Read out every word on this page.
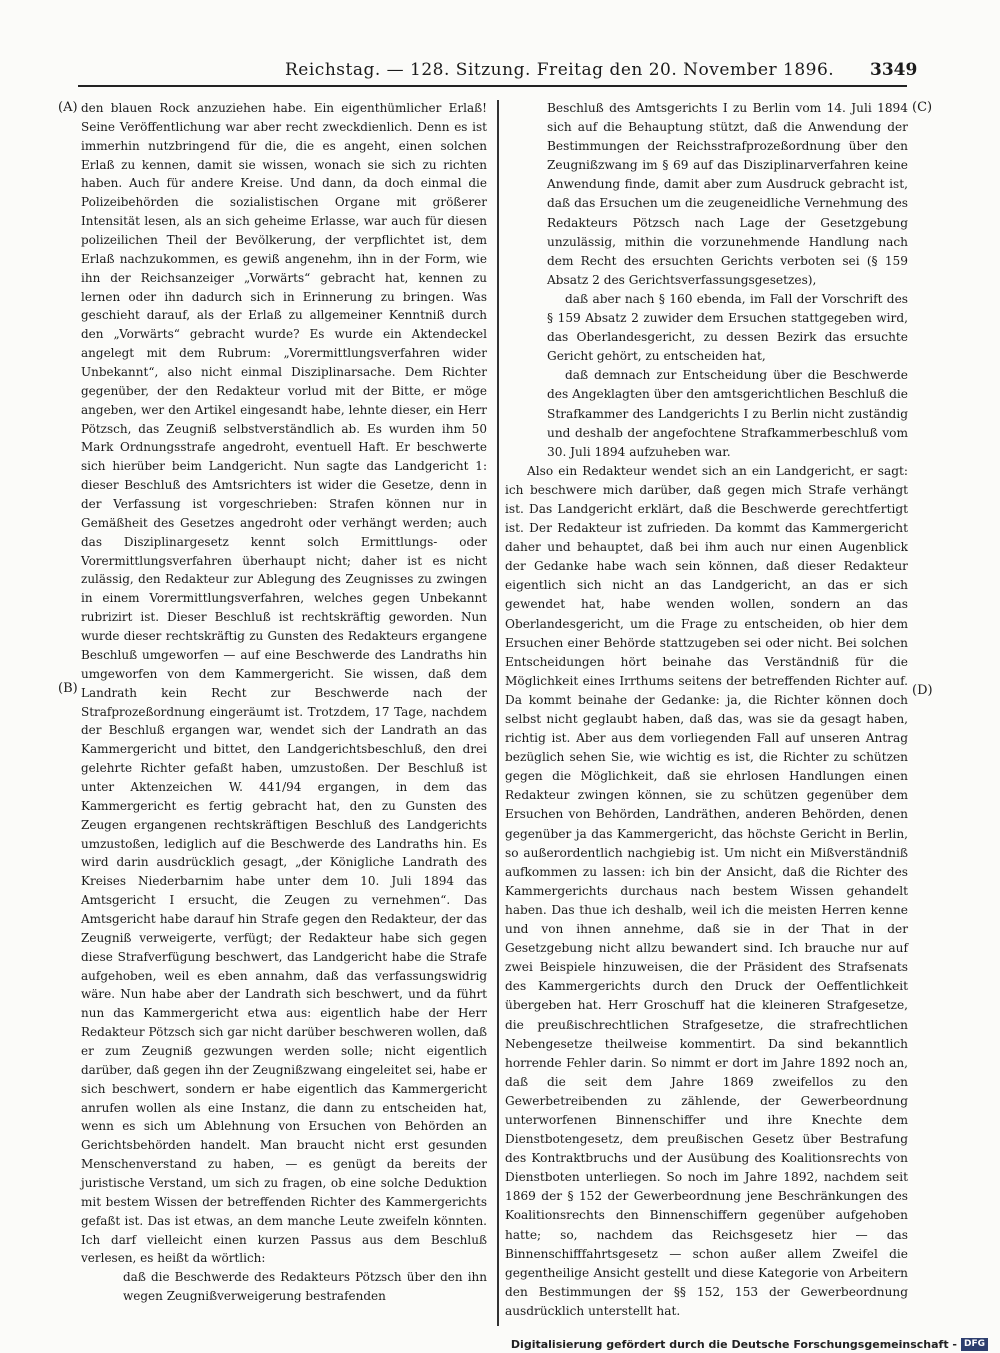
Reichstag. — 128. Sitzung. Freitag den 20. November 1896. 3349
(A)
(B)
(C)
(D)

den blauen Rock anzuziehen habe. Ein eigenthümlicher Erlaß! Seine Veröffentlichung war aber recht zweckdienlich. Denn es ist immerhin nutzbringend für die, die es angeht, einen solchen Erlaß zu kennen, damit sie wissen, wonach sie sich zu richten haben. Auch für andere Kreise. Und dann, da doch einmal die Polizeibehörden die sozialistischen Organe mit größerer Intensität lesen, als an sich geheime Erlasse, war auch für diesen polizeilichen Theil der Bevölkerung, der verpflichtet ist, dem Erlaß nachzukommen, es gewiß angenehm, ihn in der Form, wie ihn der Reichsanzeiger „Vorwärts“ gebracht hat, kennen zu lernen oder ihn dadurch sich in Erinnerung zu bringen. Was geschieht darauf, als der Erlaß zu allgemeiner Kenntniß durch den „Vorwärts“ gebracht wurde? Es wurde ein Aktendeckel angelegt mit dem Rubrum: „Vorermittlungsverfahren wider Unbekannt“, also nicht einmal Disziplinarsache. Dem Richter gegenüber, der den Redakteur vorlud mit der Bitte, er möge angeben, wer den Artikel eingesandt habe, lehnte dieser, ein Herr Pötzsch, das Zeugniß selbstverständlich ab. Es wurden ihm 50 Mark Ordnungsstrafe angedroht, eventuell Haft. Er beschwerte sich hierüber beim Landgericht. Nun sagte das Landgericht 1: dieser Beschluß des Amtsrichters ist wider die Gesetze, denn in der Verfassung ist vorgeschrieben: Strafen können nur in Gemäßheit des Gesetzes angedroht oder verhängt werden; auch das Disziplinargesetz kennt solch Ermittlungs- oder Vorermittlungsverfahren überhaupt nicht; daher ist es nicht zulässig, den Redakteur zur Ablegung des Zeugnisses zu zwingen in einem Vorermittlungsverfahren, welches gegen Unbekannt rubrizirt ist. Dieser Beschluß ist rechtskräftig geworden. Nun wurde dieser rechtskräftig zu Gunsten des Redakteurs ergangene Beschluß umgeworfen — auf eine Beschwerde des Landraths hin umgeworfen von dem Kammergericht. Sie wissen, daß dem Landrath kein Recht zur Beschwerde nach der Strafprozeßordnung eingeräumt ist. Trotzdem, 17 Tage, nachdem der Beschluß ergangen war, wendet sich der Landrath an das Kammergericht und bittet, den Landgerichtsbeschluß, den drei gelehrte Richter gefaßt haben, umzustoßen. Der Beschluß ist unter Aktenzeichen W. 441/94 ergangen, in dem das Kammergericht es fertig gebracht hat, den zu Gunsten des Zeugen ergangenen rechtskräftigen Beschluß des Landgerichts umzustoßen, lediglich auf die Beschwerde des Landraths hin. Es wird darin ausdrücklich gesagt, „der Königliche Landrath des Kreises Niederbarnim habe unter dem 10. Juli 1894 das Amtsgericht I ersucht, die Zeugen zu vernehmen“. Das Amtsgericht habe darauf hin Strafe gegen den Redakteur, der das Zeugniß verweigerte, verfügt; der Redakteur habe sich gegen diese Strafverfügung beschwert, das Landgericht habe die Strafe aufgehoben, weil es eben annahm, daß das verfassungswidrig wäre. Nun habe aber der Landrath sich beschwert, und da führt nun das Kammergericht etwa aus: eigentlich habe der Herr Redakteur Pötzsch sich gar nicht darüber beschweren wollen, daß er zum Zeugniß gezwungen werden solle; nicht eigentlich darüber, daß gegen ihn der Zeugnißzwang eingeleitet sei, habe er sich beschwert, sondern er habe eigentlich das Kammergericht anrufen wollen als eine Instanz, die dann zu entscheiden hat, wenn es sich um Ablehnung von Ersuchen von Behörden an Gerichtsbehörden handelt. Man braucht nicht erst gesunden Menschenverstand zu haben, — es genügt da bereits der juristische Verstand, um sich zu fragen, ob eine solche Deduktion mit bestem Wissen der betreffenden Richter des Kammergerichts gefaßt ist. Das ist etwas, an dem manche Leute zweifeln könnten. Ich darf vielleicht einen kurzen Passus aus dem Beschluß verlesen, es heißt da wörtlich:

daß die Beschwerde des Redakteurs Pötzsch über den ihn wegen Zeugnißverweigerung bestrafenden

Beschluß des Amtsgerichts I zu Berlin vom 14. Juli 1894 sich auf die Behauptung stützt, daß die Anwendung der Bestimmungen der Reichsstrafprozeßordnung über den Zeugnißzwang im § 69 auf das Disziplinarverfahren keine Anwendung finde, damit aber zum Ausdruck gebracht ist, daß das Ersuchen um die zeugeneidliche Vernehmung des Redakteurs Pötzsch nach Lage der Gesetzgebung unzulässig, mithin die vorzunehmende Handlung nach dem Recht des ersuchten Gerichts verboten sei (§ 159 Absatz 2 des Gerichtsverfassungsgesetzes),

daß aber nach § 160 ebenda, im Fall der Vorschrift des § 159 Absatz 2 zuwider dem Ersuchen stattgegeben wird, das Oberlandesgericht, zu dessen Bezirk das ersuchte Gericht gehört, zu entscheiden hat,

daß demnach zur Entscheidung über die Beschwerde des Angeklagten über den amtsgerichtlichen Beschluß die Strafkammer des Landgerichts I zu Berlin nicht zuständig und deshalb der angefochtene Strafkammerbeschluß vom 30. Juli 1894 aufzuheben war.

Also ein Redakteur wendet sich an ein Landgericht, er sagt: ich beschwere mich darüber, daß gegen mich Strafe verhängt ist. Das Landgericht erklärt, daß die Beschwerde gerechtfertigt ist. Der Redakteur ist zufrieden. Da kommt das Kammergericht daher und behauptet, daß bei ihm auch nur einen Augenblick der Gedanke habe wach sein können, daß dieser Redakteur eigentlich sich nicht an das Landgericht, an das er sich gewendet hat, habe wenden wollen, sondern an das Oberlandesgericht, um die Frage zu entscheiden, ob hier dem Ersuchen einer Behörde stattzugeben sei oder nicht. Bei solchen Entscheidungen hört beinahe das Verständniß für die Möglichkeit eines Irrthums seitens der betreffenden Richter auf. Da kommt beinahe der Gedanke: ja, die Richter können doch selbst nicht geglaubt haben, daß das, was sie da gesagt haben, richtig ist. Aber aus dem vorliegenden Fall auf unseren Antrag bezüglich sehen Sie, wie wichtig es ist, die Richter zu schützen gegen die Möglichkeit, daß sie ehrlosen Handlungen einen Redakteur zwingen können, sie zu schützen gegenüber dem Ersuchen von Behörden, Landräthen, anderen Behörden, denen gegenüber ja das Kammergericht, das höchste Gericht in Berlin, so außerordentlich nachgiebig ist. Um nicht ein Mißverständniß aufkommen zu lassen: ich bin der Ansicht, daß die Richter des Kammergerichts durchaus nach bestem Wissen gehandelt haben. Das thue ich deshalb, weil ich die meisten Herren kenne und von ihnen annehme, daß sie in der That in der Gesetzgebung nicht allzu bewandert sind. Ich brauche nur auf zwei Beispiele hinzuweisen, die der Präsident des Strafsenats des Kammergerichts durch den Druck der Oeffentlichkeit übergeben hat. Herr Groschuff hat die kleineren Strafgesetze, die preußischrechtlichen Strafgesetze, die strafrechtlichen Nebengesetze theilweise kommentirt. Da sind bekanntlich horrende Fehler darin. So nimmt er dort im Jahre 1892 noch an, daß die seit dem Jahre 1869 zweifellos zu den Gewerbetreibenden zu zählende, der Gewerbeordnung unterworfenen Binnenschiffer und ihre Knechte dem Dienstbotengesetz, dem preußischen Gesetz über Bestrafung des Kontraktbruchs und der Ausübung des Koalitionsrechts von Dienstboten unterliegen. So noch im Jahre 1892, nachdem seit 1869 der § 152 der Gewerbeordnung jene Beschränkungen des Koalitionsrechts den Binnenschiffern gegenüber aufgehoben hatte; so, nachdem das Reichsgesetz hier — das Binnenschifffahrtsgesetz — schon außer allem Zweifel die gegentheilige Ansicht gestellt und diese Kategorie von Arbeitern den Bestimmungen der §§ 152, 153 der Gewerbeordnung ausdrücklich unterstellt hat.

Digitalisierung gefördert durch die Deutsche Forschungsgemeinschaft - DFG
